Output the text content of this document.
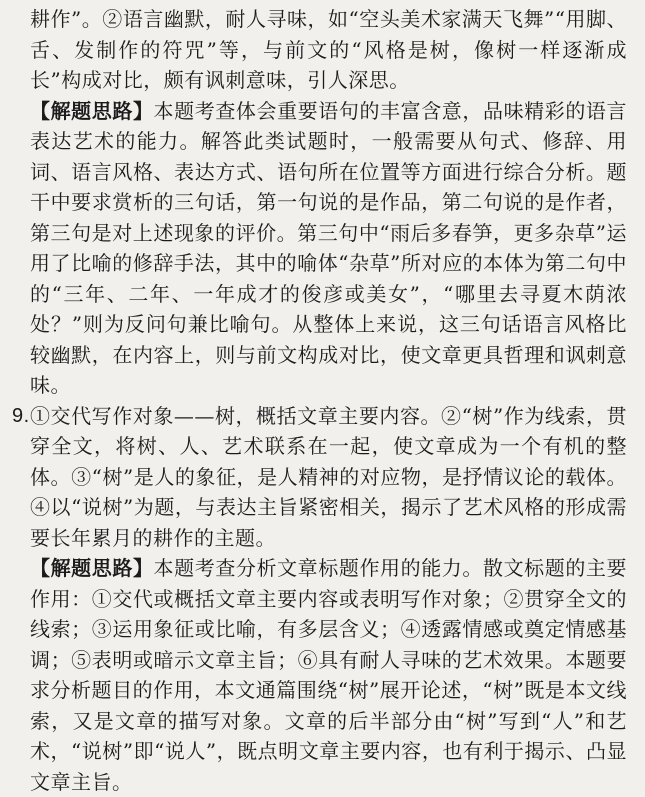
耕作”。②语言幽默，耐人寻味，如“空头美术家满天飞舞”“用脚、舌、发制作的符咒”等，与前文的“风格是树，像树一样逐渐成长”构成对比，颇有讽刺意味，引人深思。

【解题思路】本题考查体会重要语句的丰富含意，品味精彩的语言表达艺术的能力。解答此类试题时，一般需要从句式、修辞、用词、语言风格、表达方式、语句所在位置等方面进行综合分析。题干中要求赏析的三句话，第一句说的是作品，第二句说的是作者，第三句是对上述现象的评价。第三句中“雨后多春笋，更多杂草”运用了比喻的修辞手法，其中的喻体“杂草”所对应的本体为第二句中的“三年、二年、一年成才的俊彦或美女”，“哪里去寻夏木荫浓处？”则为反问句兼比喻句。从整体上来说，这三句话语言风格比较幽默，在内容上，则与前文构成对比，使文章更具哲理和讽刺意味。

9. ①交代写作对象——树，概括文章主要内容。②“树”作为线索，贯穿全文，将树、人、艺术联系在一起，使文章成为一个有机的整体。③“树”是人的象征，是人精神的对应物，是抒情议论的载体。④以“说树”为题，与表达主旨紧密相关，揭示了艺术风格的形成需要长年累月的耕作的主题。

【解题思路】本题考查分析文章标题作用的能力。散文标题的主要作用：①交代或概括文章主要内容或表明写作对象；②贯穿全文的线索；③运用象征或比喻，有多层含义；④透露情感或奠定情感基调；⑤表明或暗示文章主旨；⑥具有耐人寻味的艺术效果。本题要求分析题目的作用，本文通篇围绕“树”展开论述，“树”既是本文线索，又是文章的描写对象。文章的后半部分由“树”写到“人”和艺术，“说树”即“说人”，既点明文章主要内容，也有利于揭示、凸显文章主旨。
